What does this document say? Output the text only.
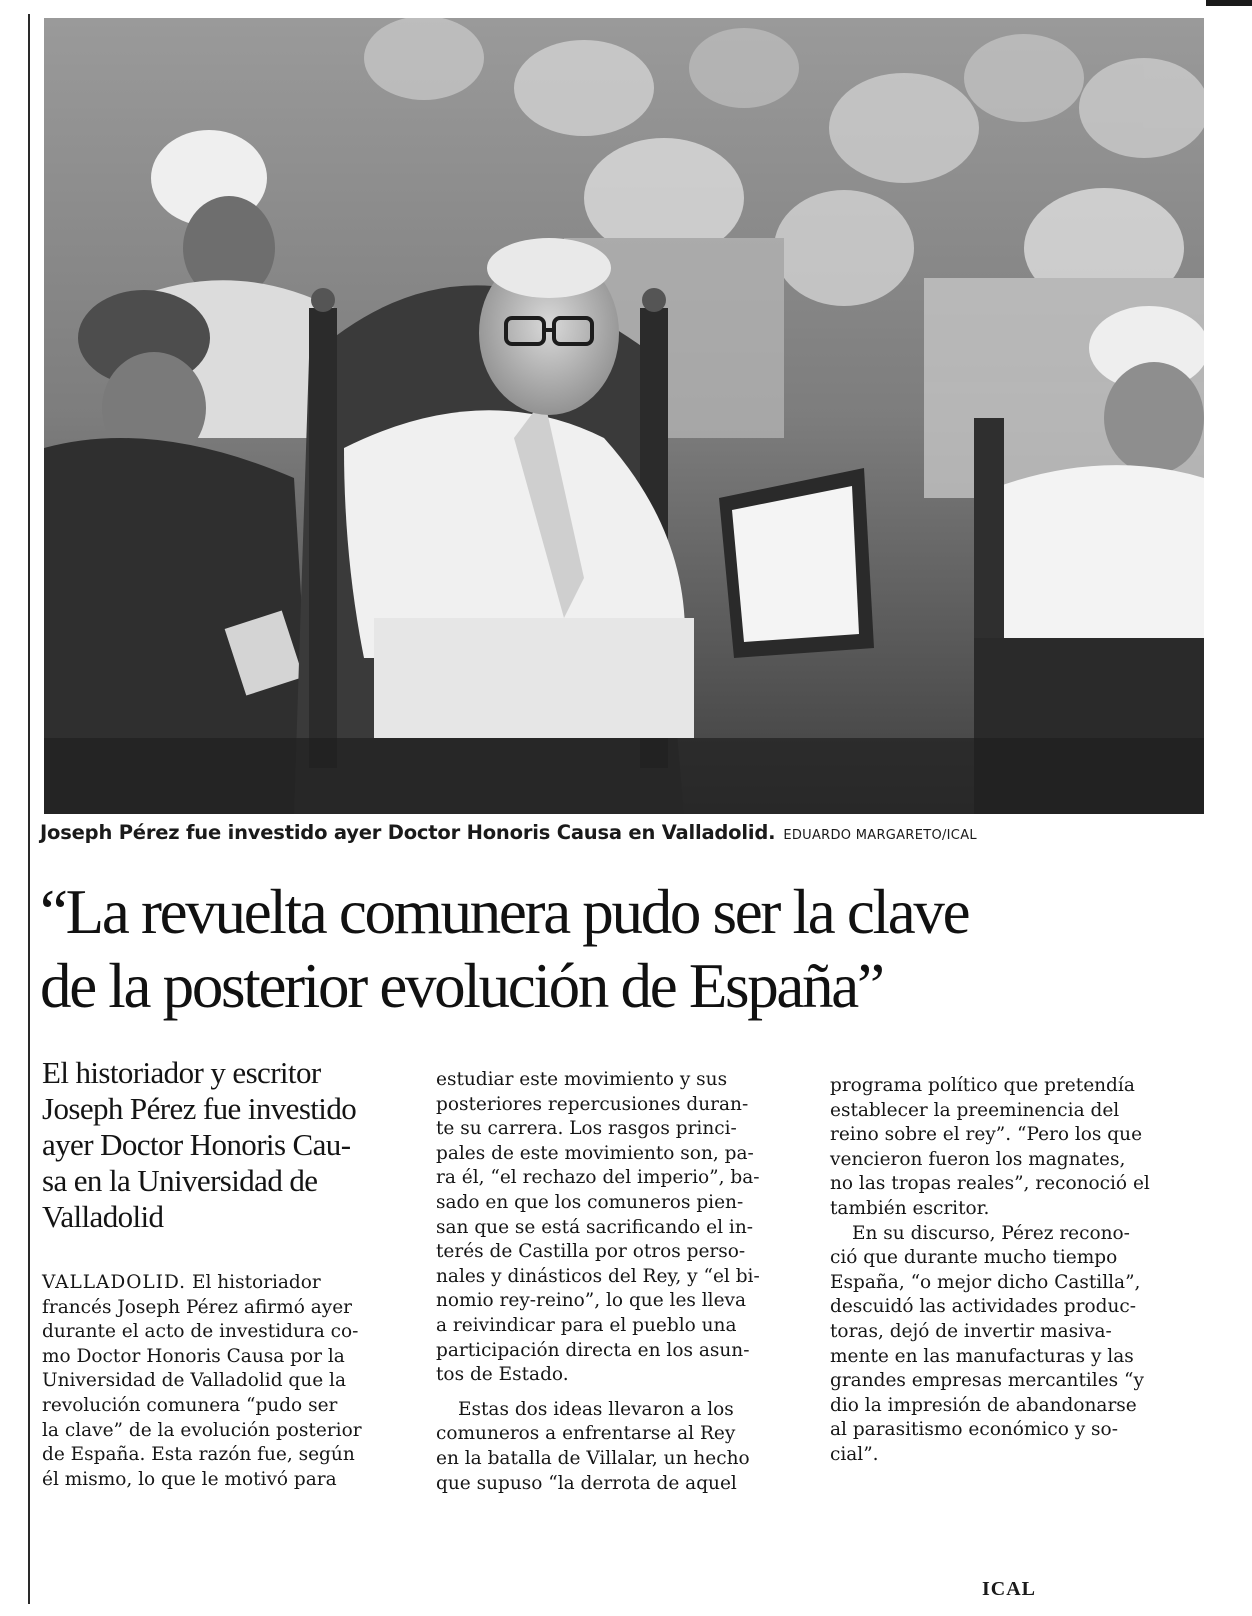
Joseph Pérez fue investido ayer Doctor Honoris Causa en Valladolid. EDUARDO MARGARETO/ICAL
“La revuelta comunera pudo ser la clave
de la posterior evolución de España”
El historiador y escritor
Joseph Pérez fue investido
ayer Doctor Honoris Cau-
sa en la Universidad de
Valladolid

VALLADOLID. El historiador
francés Joseph Pérez afirmó ayer
durante el acto de investidura co-
mo Doctor Honoris Causa por la
Universidad de Valladolid que la
revolución comunera “pudo ser
la clave” de la evolución posterior
de España. Esta razón fue, según
él mismo, lo que le motivó para

estudiar este movimiento y sus
posteriores repercusiones duran-
te su carrera. Los rasgos princi-
pales de este movimiento son, pa-
ra él, “el rechazo del imperio”, ba-
sado en que los comuneros pien-
san que se está sacrificando el in-
terés de Castilla por otros perso-
nales y dinásticos del Rey, y “el bi-
nomio rey-reino”, lo que les lleva
a reivindicar para el pueblo una
participación directa en los asun-
tos de Estado.

Estas dos ideas llevaron a los
comuneros a enfrentarse al Rey
en la batalla de Villalar, un hecho
que supuso “la derrota de aquel

programa político que pretendía
establecer la preeminencia del
reino sobre el rey”. “Pero los que
vencieron fueron los magnates,
no las tropas reales”, reconoció el
también escritor.

En su discurso, Pérez recono-
ció que durante mucho tiempo
España, “o mejor dicho Castilla”,
descuidó las actividades produc-
toras, dejó de invertir masiva-
mente en las manufacturas y las
grandes empresas mercantiles “y
dio la impresión de abandonarse
al parasitismo económico y so-
cial”.

ICAL
